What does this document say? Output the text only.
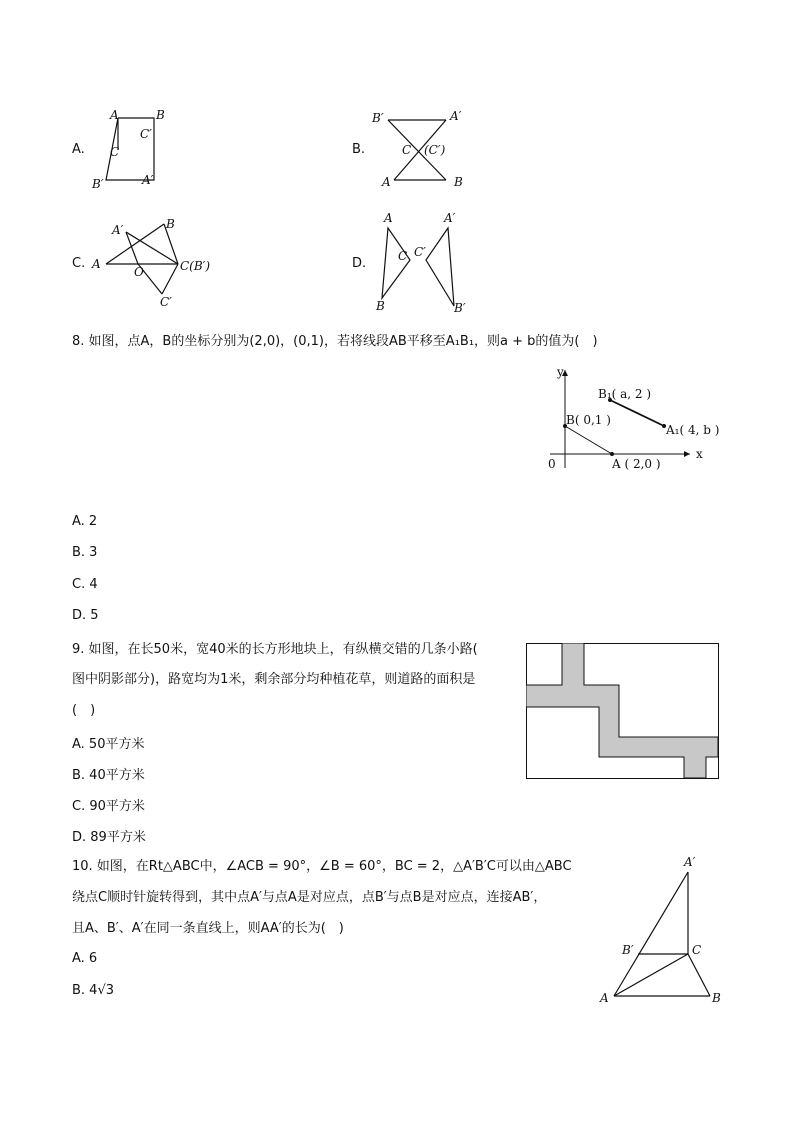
A.
A	B
C
C′
B′	A′
B.
B′	A′
C (C′)
A	B
C.
A′	B
A
O	C(B′)
C′
D.
A	A′
C C′
B	B′
8. 如图，点A，B的坐标分别为(2,0)，(0,1)，若将线段AB平移至A₁B₁，则a + b的值为(　)
y
x
0
B₁( a, 2 )
B( 0,1 )
A₁( 4, b )
A ( 2,0 )
A. 2
B. 3
C. 4
D. 5
9. 如图，在长50米，宽40米的长方形地块上，有纵横交错的几条小路(
图中阴影部分)，路宽均为1米，剩余部分均种植花草，则道路的面积是
(　)
A. 50平方米
B. 40平方米
C. 90平方米
D. 89平方米
10. 如图，在Rt△ABC中，∠ACB = 90°，∠B = 60°，BC = 2，△A′B′C可以由△ABC
绕点C顺时针旋转得到，其中点A′与点A是对应点，点B′与点B是对应点，连接AB′，
且A、B′、A′在同一条直线上，则AA′的长为(　)
A. 6
B. 4√3
A′
B′	C
A	B
